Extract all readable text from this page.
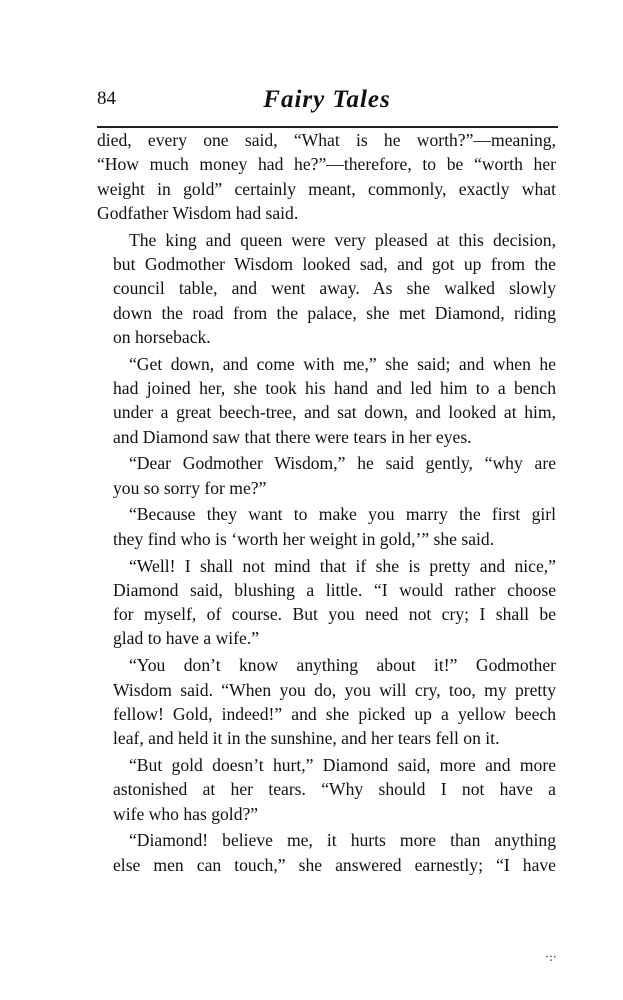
84	Fairy Tales

died, every one said, “What is he worth?”—meaning,
“How much money had he?”—therefore, to be “worth her
weight in gold” certainly meant, commonly, exactly what
Godfather Wisdom had said.

The king and queen were very pleased at this decision,
but Godmother Wisdom looked sad, and got up from the
council table, and went away. As she walked slowly
down the road from the palace, she met Diamond, riding
on horseback.

“Get down, and come with me,” she said; and when he
had joined her, she took his hand and led him to a bench
under a great beech-tree, and sat down, and looked at him,
and Diamond saw that there were tears in her eyes.

“Dear Godmother Wisdom,” he said gently, “why are
you so sorry for me?”

“Because they want to make you marry the first girl
they find who is ‘worth her weight in gold,’” she said.

“Well! I shall not mind that if she is pretty and nice,”
Diamond said, blushing a little. “I would rather choose
for myself, of course. But you need not cry; I shall be
glad to have a wife.”

“You don’t know anything about it!” Godmother
Wisdom said. “When you do, you will cry, too, my pretty
fellow! Gold, indeed!” and she picked up a yellow beech
leaf, and held it in the sunshine, and her tears fell on it.

“But gold doesn’t hurt,” Diamond said, more and more
astonished at her tears. “Why should I not have a
wife who has gold?”

“Diamond! believe me, it hurts more than anything
else men can touch,” she answered earnestly; “I have

·:·
